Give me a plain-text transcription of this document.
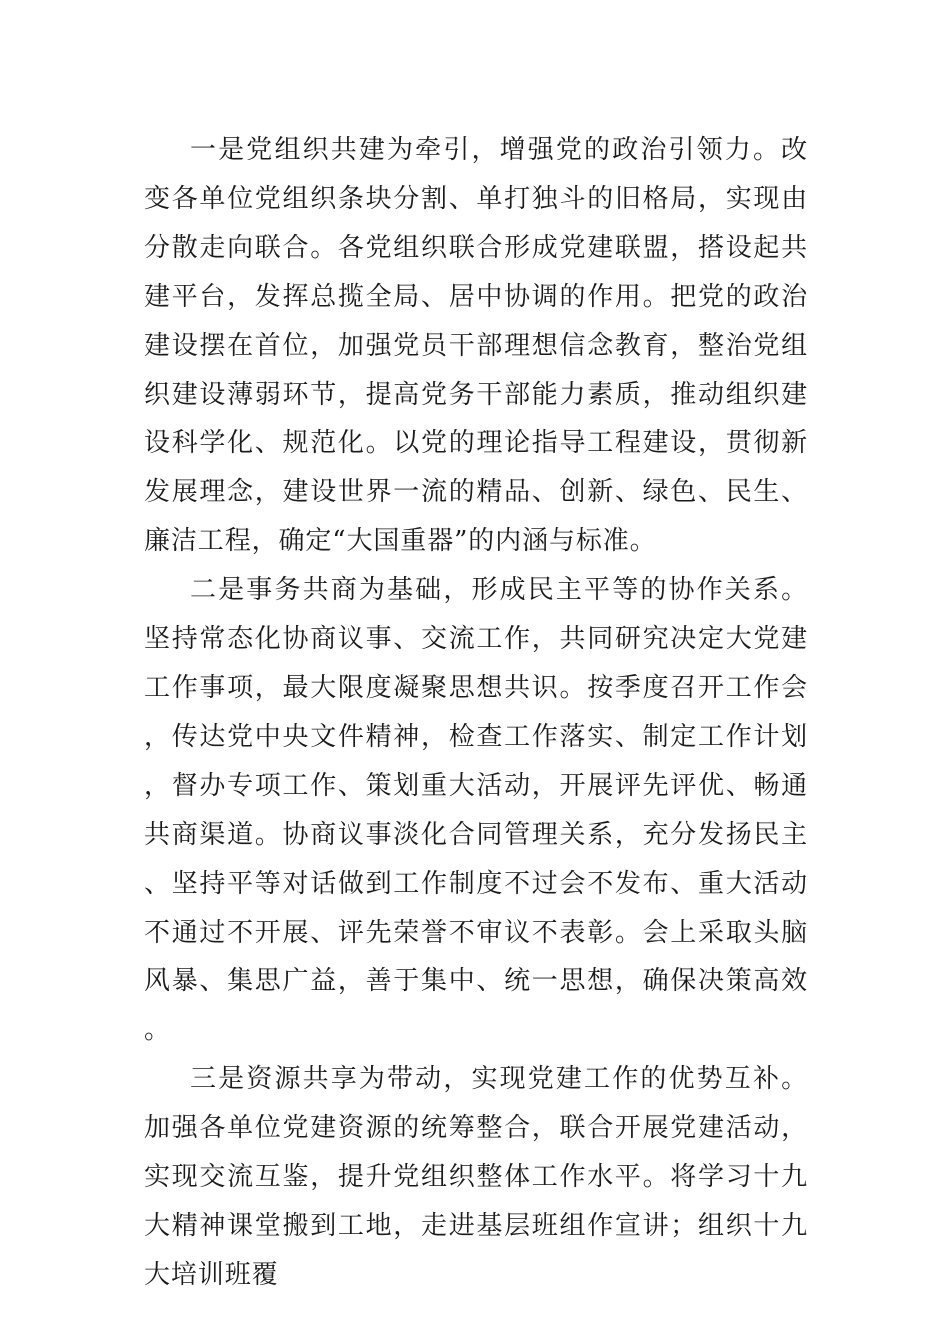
一是党组织共建为牵引，增强党的政治引领力。改变各单位党组织条块分割、单打独斗的旧格局，实现由分散走向联合。各党组织联合形成党建联盟，搭设起共建平台，发挥总揽全局、居中协调的作用。把党的政治建设摆在首位，加强党员干部理想信念教育，整治党组织建设薄弱环节，提高党务干部能力素质，推动组织建设科学化、规范化。以党的理论指导工程建设，贯彻新发展理念，建设世界一流的精品、创新、绿色、民生、廉洁工程，确定“大国重器”的内涵与标准。

二是事务共商为基础，形成民主平等的协作关系。坚持常态化协商议事、交流工作，共同研究决定大党建工作事项，最大限度凝聚思想共识。按季度召开工作会，传达党中央文件精神，检查工作落实、制定工作计划，督办专项工作、策划重大活动，开展评先评优、畅通共商渠道。协商议事淡化合同管理关系，充分发扬民主、坚持平等对话做到工作制度不过会不发布、重大活动不通过不开展、评先荣誉不审议不表彰。会上采取头脑风暴、集思广益，善于集中、统一思想，确保决策高效。

三是资源共享为带动，实现党建工作的优势互补。加强各单位党建资源的统筹整合，联合开展党建活动，实现交流互鉴，提升党组织整体工作水平。将学习十九大精神课堂搬到工地，走进基层班组作宣讲；组织十九大培训班覆
